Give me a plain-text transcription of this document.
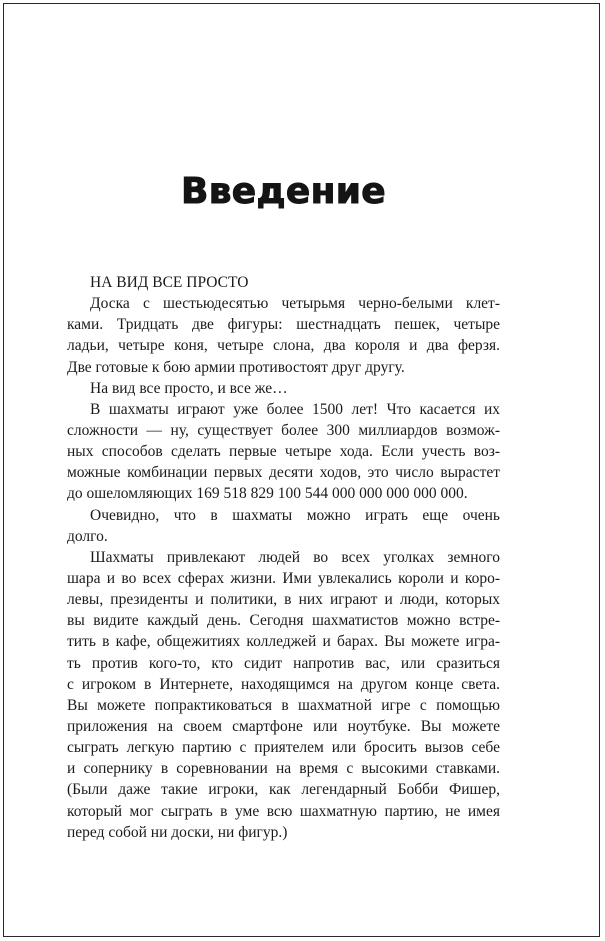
Введение
НА ВИД ВСЕ ПРОСТО
Доска с шестьюдесятью четырьмя черно-белыми клет-
ками. Тридцать две фигуры: шестнадцать пешек, четыре
ладьи, четыре коня, четыре слона, два короля и два ферзя.
Две готовые к бою армии противостоят друг другу.
На вид все просто, и все же…
В шахматы играют уже более 1500 лет! Что касается их
сложности — ну, существует более 300 миллиардов возмож-
ных способов сделать первые четыре хода. Если учесть воз-
можные комбинации первых десяти ходов, это число вырастет
до ошеломляющих 169 518 829 100 544 000 000 000 000 000.
Очевидно, что в шахматы можно играть еще очень
долго.
Шахматы привлекают людей во всех уголках земного
шара и во всех сферах жизни. Ими увлекались короли и коро-
левы, президенты и политики, в них играют и люди, которых
вы видите каждый день. Сегодня шахматистов можно встре-
тить в кафе, общежитиях колледжей и барах. Вы можете игра-
ть против кого-то, кто сидит напротив вас, или сразиться
с игроком в Интернете, находящимся на другом конце света.
Вы можете попрактиковаться в шахматной игре с помощью
приложения на своем смартфоне или ноутбуке. Вы можете
сыграть легкую партию с приятелем или бросить вызов себе
и сопернику в соревновании на время с высокими ставками.
(Были даже такие игроки, как легендарный Бобби Фишер,
который мог сыграть в уме всю шахматную партию, не имея
перед собой ни доски, ни фигур.)
